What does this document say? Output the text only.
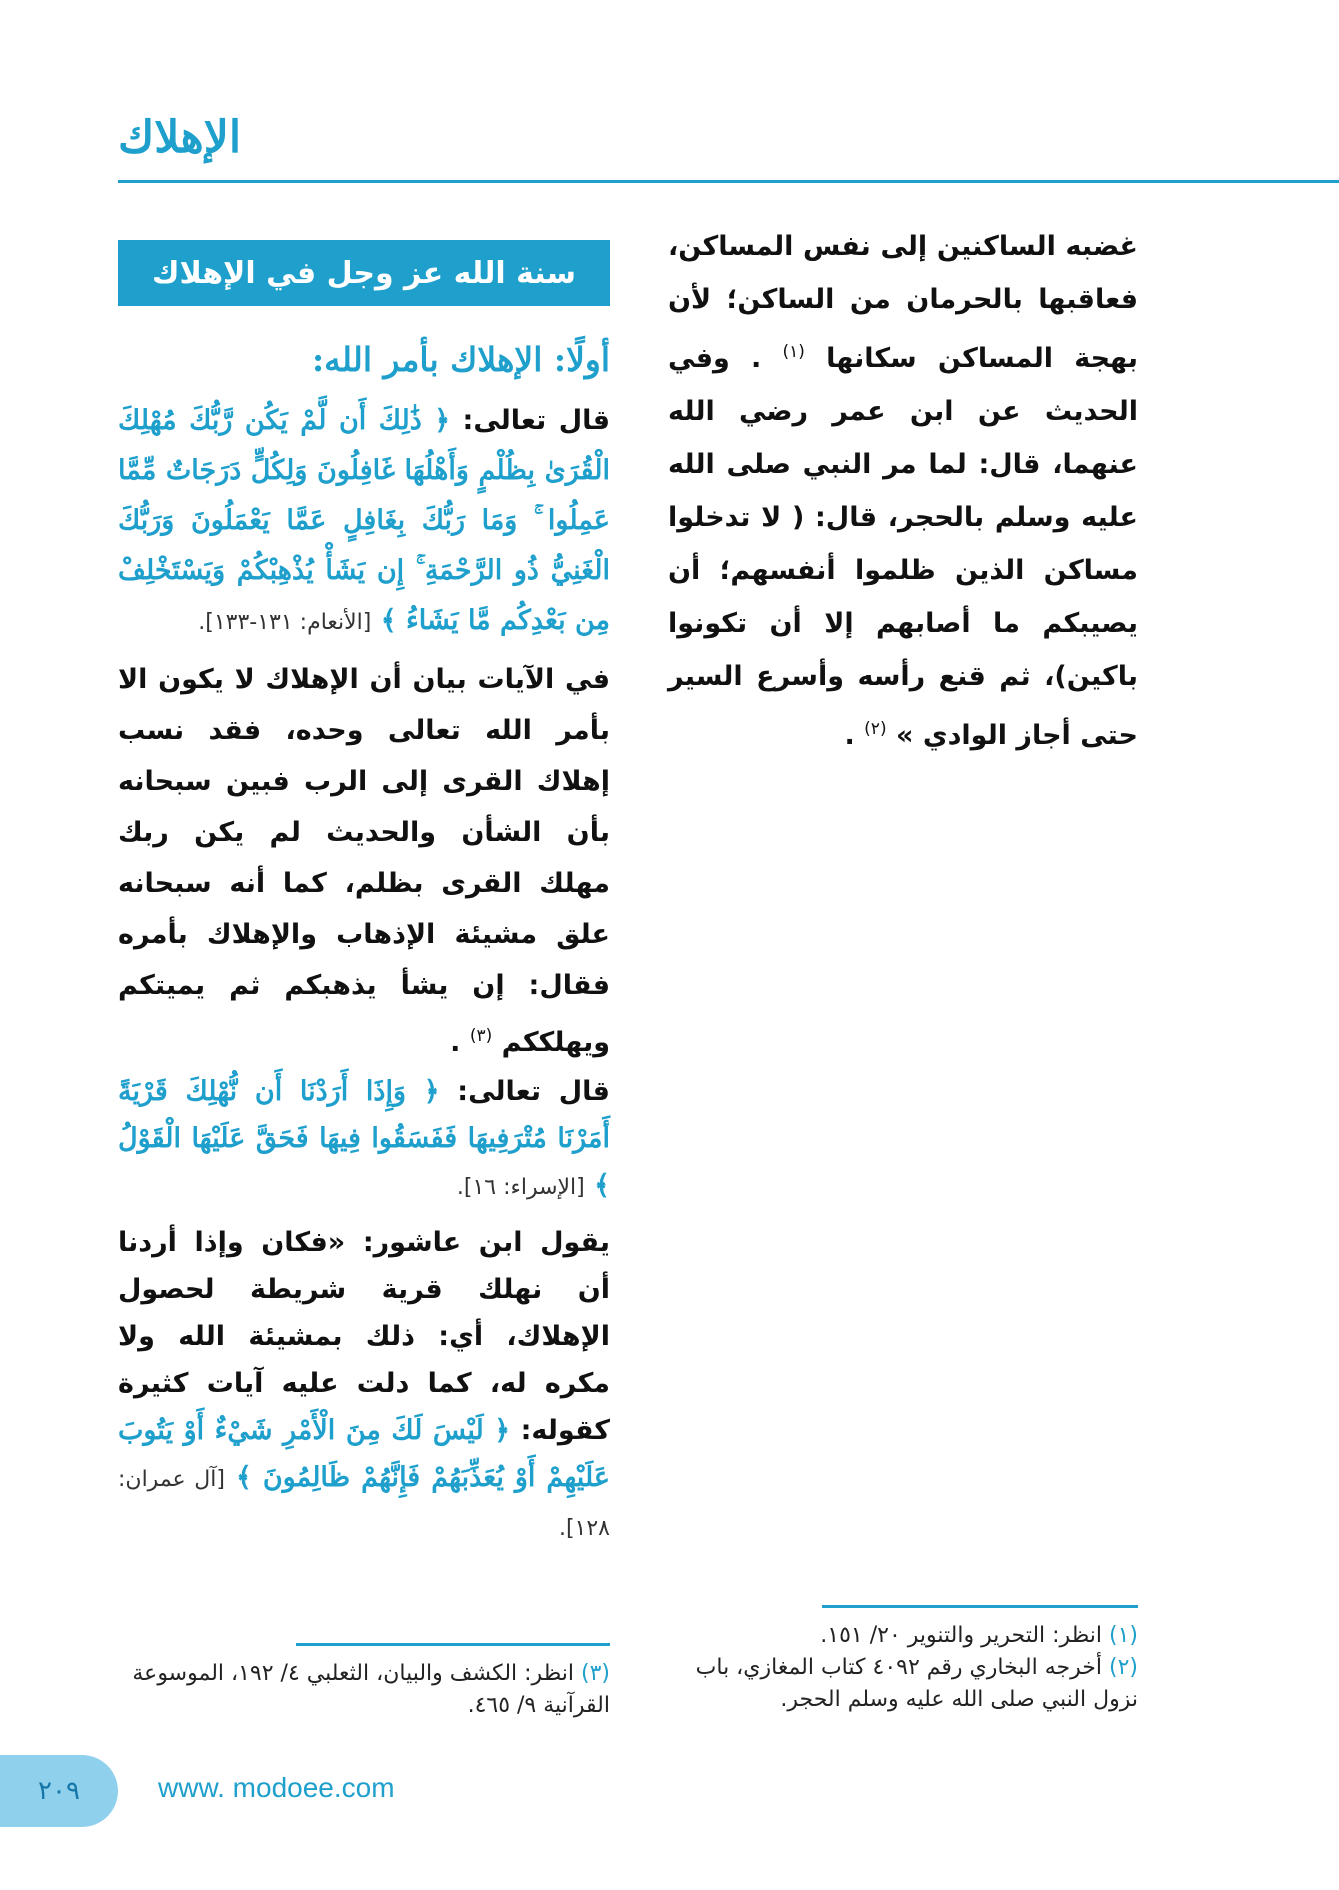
الإهلاك

غضبه الساكنين إلى نفس المساكن، فعاقبها بالحرمان من الساكن؛ لأن بهجة المساكن سكانها $^{(١)}$ . وفي الحديث عن ابن عمر رضي الله عنهما، قال: لما مر النبي صلى الله عليه وسلم بالحجر، قال: ( لا تدخلوا مساكن الذين ظلموا أنفسهم؛ أن يصيبكم ما أصابهم إلا أن تكونوا باكين)، ثم قنع رأسه وأسرع السير حتى أجاز الوادي » $^{(٢)}$ .

سنة الله عز وجل في الإهلاك
أولًا: الإهلاك بأمر الله:

قال تعالى: ﴿ ذَٰلِكَ أَن لَّمْ يَكُن رَّبُّكَ مُهْلِكَ الْقُرَىٰ بِظُلْمٍ وَأَهْلُهَا غَافِلُونَ وَلِكُلٍّ دَرَجَاتٌ مِّمَّا عَمِلُوا ۚ وَمَا رَبُّكَ بِغَافِلٍ عَمَّا يَعْمَلُونَ وَرَبُّكَ الْغَنِيُّ ذُو الرَّحْمَةِ ۚ إِن يَشَأْ يُذْهِبْكُمْ وَيَسْتَخْلِفْ مِن بَعْدِكُم مَّا يَشَاءُ ﴾ [الأنعام: ١٣١-١٣٣].

في الآيات بيان أن الإهلاك لا يكون الا بأمر الله تعالى وحده، فقد نسب إهلاك القرى إلى الرب فبين سبحانه بأن الشأن والحديث لم يكن ربك مهلك القرى بظلم، كما أنه سبحانه علق مشيئة الإذهاب والإهلاك بأمره فقال: إن يشأ يذهبكم ثم يميتكم ويهلككم $^{(٣)}$ .

قال تعالى: ﴿ وَإِذَا أَرَدْنَا أَن نُّهْلِكَ قَرْيَةً أَمَرْنَا مُتْرَفِيهَا فَفَسَقُوا فِيهَا فَحَقَّ عَلَيْهَا الْقَوْلُ ﴾ [الإسراء: ١٦].

يقول ابن عاشور: «فكان وإذا أردنا أن نهلك قرية شريطة لحصول الإهلاك، أي: ذلك بمشيئة الله ولا مكره له، كما دلت عليه آيات كثيرة كقوله: ﴿ لَيْسَ لَكَ مِنَ الْأَمْرِ شَيْءٌ أَوْ يَتُوبَ عَلَيْهِمْ أَوْ يُعَذِّبَهُمْ فَإِنَّهُمْ ظَالِمُونَ ﴾ [آل عمران: ١٢٨].

(١) انظر: التحرير والتنوير ٢٠/ ١٥١.

(٢) أخرجه البخاري رقم ٤٠٩٢ كتاب المغازي، باب نزول النبي صلى الله عليه وسلم الحجر.

(٣) انظر: الكشف والبيان، الثعلبي ٤/ ١٩٢، الموسوعة القرآنية ٩/ ٤٦٥.

٢٠٩	www. modoee.com
